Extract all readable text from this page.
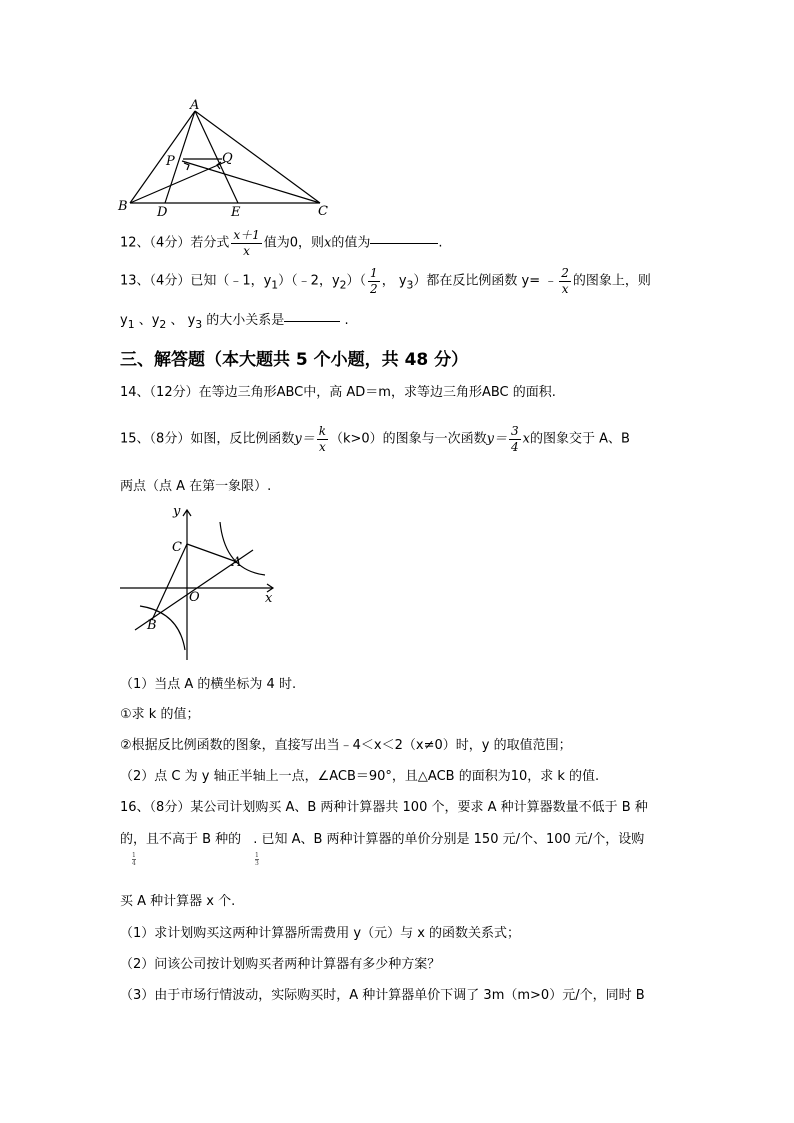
A
B	C
D	E
P	Q
12、（4分）若分式 $\frac{x+1}{x}$ 值为0，则x的值为	.
13、（4分）已知（﹣1，$y_1)(﹣2$，$y_2)( \frac{1}{2}$ ， $y_3$）都在反比例函数 y= ﹣ $\frac{2}{x}$ 的图象上，则
$y_1$ 、$y_2$ 、 $y_3$ 的大小关系是	.
三、解答题（本大题共 5 个小题，共 48 分）
14、（12分）在等边三角形ABC中，高 AD＝m，求等边三角形ABC 的面积.
15、（8分）如图，反比例函数$y= \frac{k}{x} (k>0)$的图象与一次函数$y= \frac{3}{4}$ x的图象交于 A、B
两点（点 A 在第一象限）.
y
x
O
A
B
C
（1）当点 A 的横坐标为 4 时.
①求 k 的值；
②根据反比例函数的图象，直接写出当﹣4＜x＜2（x≠0）时，y 的取值范围；
（2）点 C 为 y 轴正半轴上一点，∠ACB＝90°，且△ACB 的面积为10，求 k 的值.
16、（8分）某公司计划购买 A、B 两种计算器共 100 个，要求 A 种计算器数量不低于 B 种
的，且不高于 B 种的 . 已知 A、B 两种计算器的单价分别是 150 元/个、100 元/个，设购
$\frac{1}{4}$	$\frac{1}{3}$
买 A 种计算器 x 个.
（1）求计划购买这两种计算器所需费用 y（元）与 x 的函数关系式；
（2）问该公司按计划购买者两种计算器有多少种方案？
（3）由于市场行情波动，实际购买时，A 种计算器单价下调了 3m（m>0）元/个，同时 B
